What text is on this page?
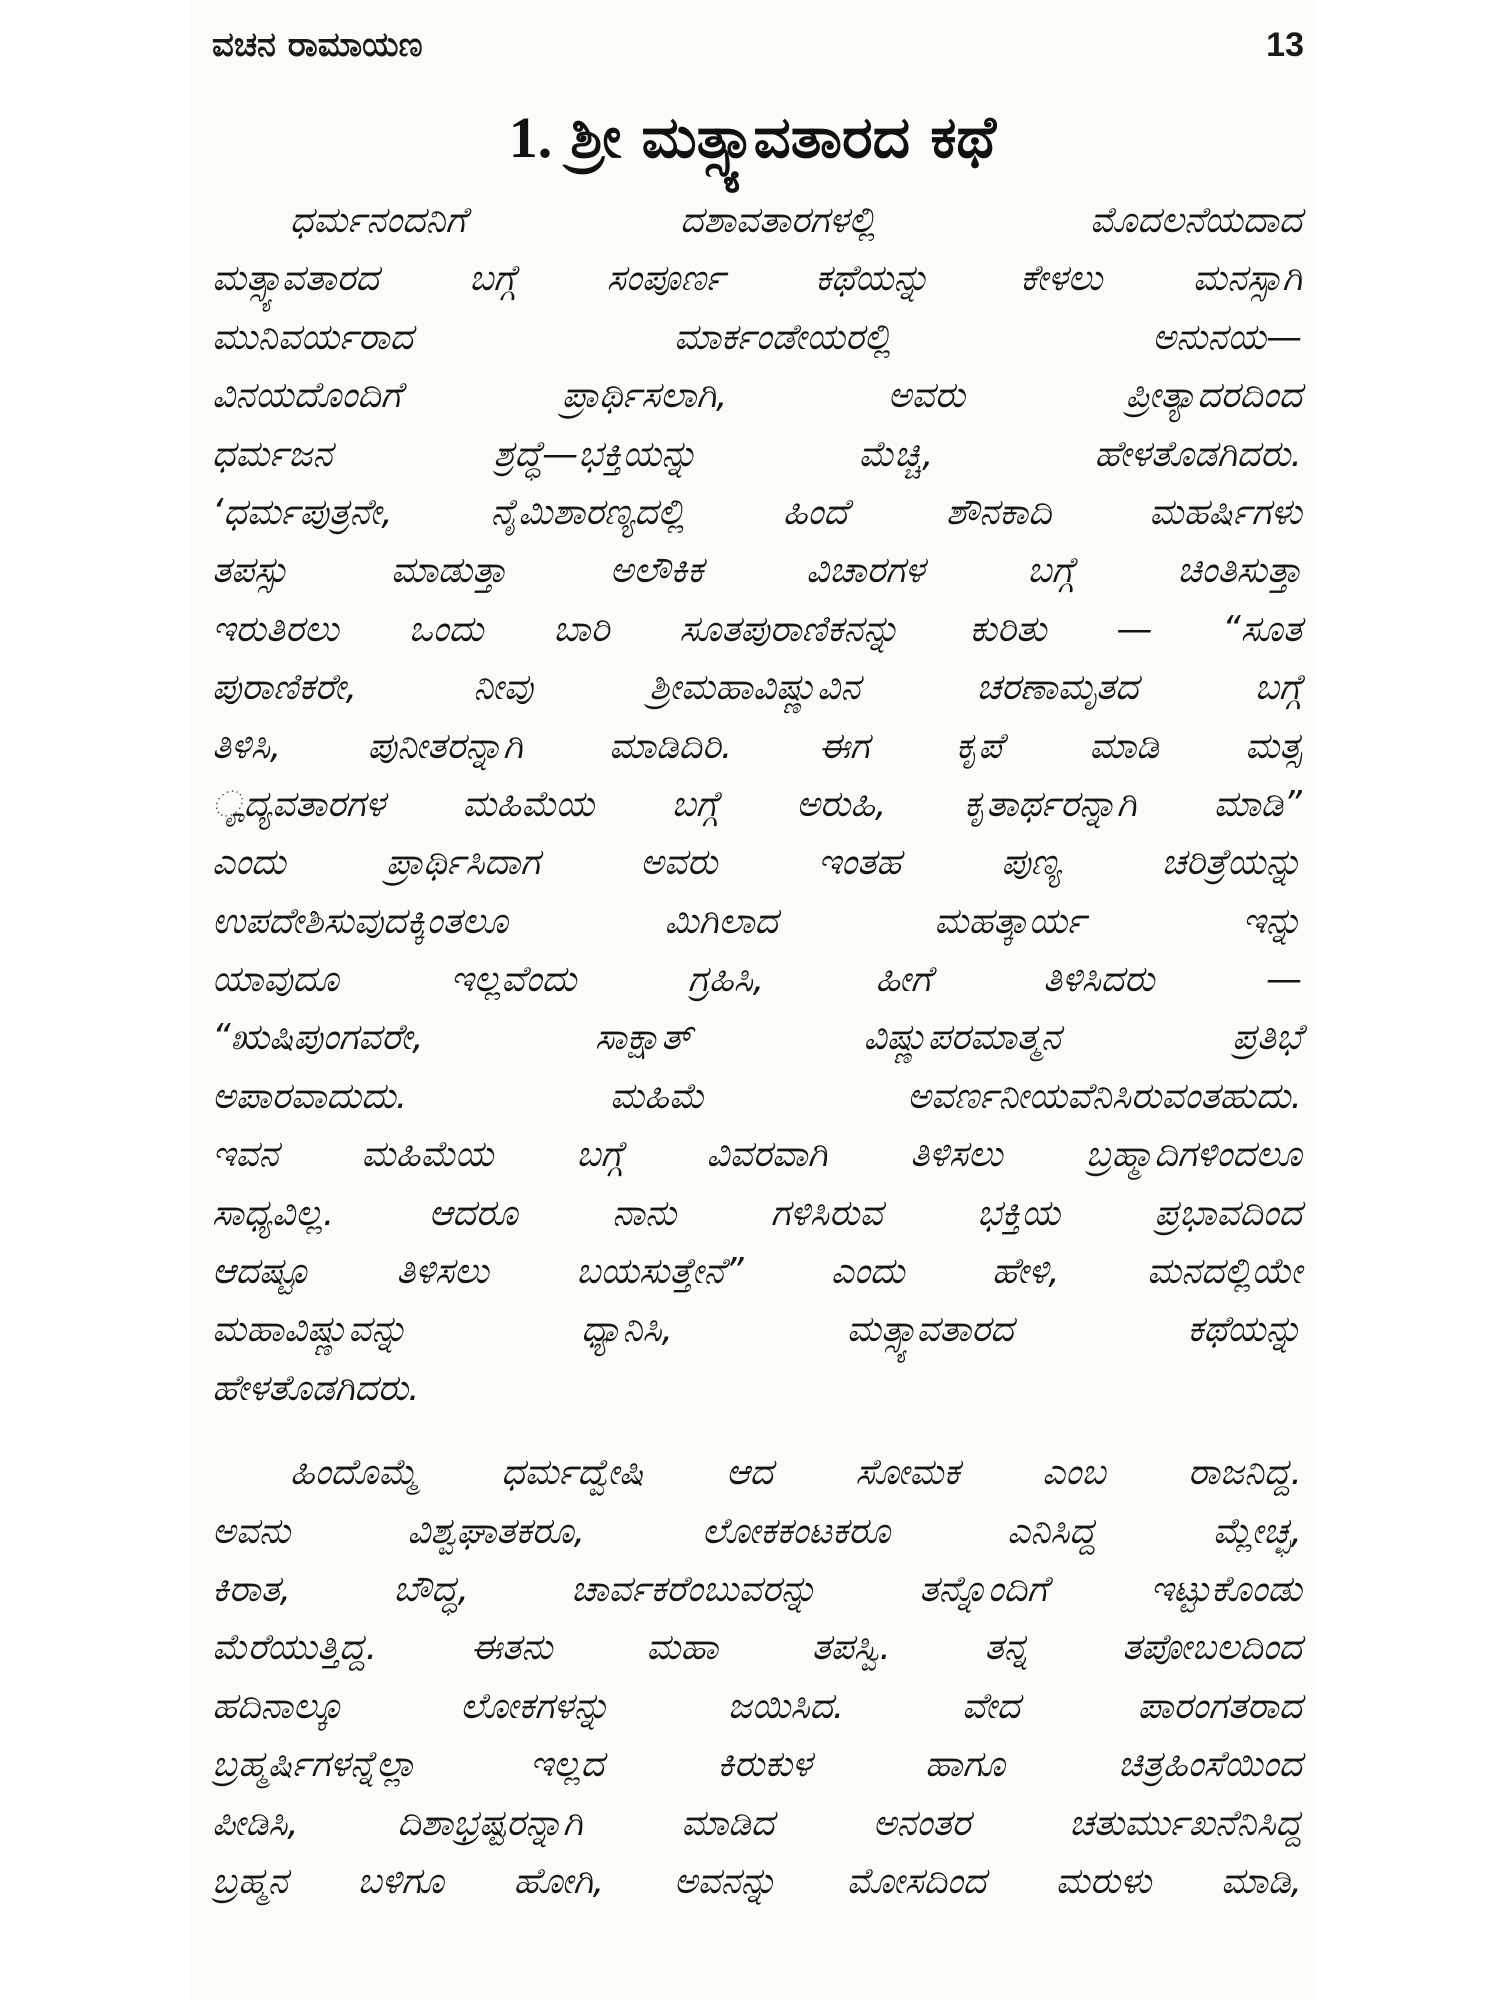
ವಚನ ರಾಮಾಯಣ	13
1. ಶ್ರೀ ಮತ್ಸ್ಯಾವತಾರದ ಕಥೆ
ಧರ್ಮನಂದನಿಗೆ	ದಶಾವತಾರಗಳಲ್ಲಿ	ಮೊದಲನೆಯದಾದ
ಮತ್ಸ್ಯಾವತಾರದ	ಬಗ್ಗೆ	ಸಂಪೂರ್ಣ	ಕಥೆಯನ್ನು	ಕೇಳಲು	ಮನಸ್ಸಾಗಿ
ಮುನಿವರ್ಯರಾದ	ಮಾರ್ಕಂಡೇಯರಲ್ಲಿ	ಅನುನಯ—
ವಿನಯದೊಂದಿಗೆ	ಪ್ರಾರ್ಥಿಸಲಾಗಿ,	ಅವರು	ಪ್ರೀತ್ಯಾದರದಿಂದ
ಧರ್ಮಜನ	ಶ್ರದ್ಧೆ—ಭಕ್ತಿಯನ್ನು	ಮೆಚ್ಚಿ,	ಹೇಳತೊಡಗಿದರು.
‘ಧರ್ಮಪುತ್ರನೇ,	ನೈಮಿಶಾರಣ್ಯದಲ್ಲಿ	ಹಿಂದೆ	ಶೌನಕಾದಿ	ಮಹರ್ಷಿಗಳು
ತಪಸ್ಸು	ಮಾಡುತ್ತಾ	ಅಲೌಕಿಕ	ವಿಚಾರಗಳ	ಬಗ್ಗೆ	ಚಿಂತಿಸುತ್ತಾ
ಇರುತಿರಲು ಒಂದು ಬಾರಿ ಸೂತಪುರಾಣಿಕನನ್ನು ಕುರಿತು — “ಸೂತ
ಪುರಾಣಿಕರೇ,	ನೀವು	ಶ್ರೀಮಹಾವಿಷ್ಣುವಿನ	ಚರಣಾಮೃತದ	ಬಗ್ಗೆ
ತಿಳಿಸಿ, ಪುನೀತರನ್ನಾಗಿ ಮಾಡಿದಿರಿ. ಈಗ ಕೃಪೆ ಮಾಡಿ ಮತ್ಸ
ೄದ್ಯವತಾರಗಳ ಮಹಿಮೆಯ ಬಗ್ಗೆ ಅರುಹಿ, ಕೃತಾರ್ಥರನ್ನಾಗಿ ಮಾಡಿ”
ಎಂದು	ಪ್ರಾರ್ಥಿಸಿದಾಗ	ಅವರು	ಇಂತಹ	ಪುಣ್ಯ	ಚರಿತ್ರೆಯನ್ನು
ಉಪದೇಶಿಸುವುದಕ್ಕಿಂತಲೂ	ಮಿಗಿಲಾದ	ಮಹತ್ಕಾರ್ಯ	ಇನ್ನು
ಯಾವುದೂ	ಇಲ್ಲವೆಂದು	ಗ್ರಹಿಸಿ,	ಹೀಗೆ	ತಿಳಿಸಿದರು	—
“ಋಷಿಪುಂಗವರೇ,	ಸಾಕ್ಷಾತ್	ವಿಷ್ಣುಪರಮಾತ್ಮನ	ಪ್ರತಿಭೆ
ಅಪಾರವಾದುದು.	ಮಹಿಮೆ	ಅವರ್ಣನೀಯವೆನಿಸಿರುವಂತಹುದು.
ಇವನ ಮಹಿಮೆಯ ಬಗ್ಗೆ ವಿವರವಾಗಿ ತಿಳಿಸಲು ಬ್ರಹ್ಮಾದಿಗಳಿಂದಲೂ
ಸಾಧ್ಯವಿಲ್ಲ.	ಆದರೂ	ನಾನು	ಗಳಿಸಿರುವ	ಭಕ್ತಿಯ	ಪ್ರಭಾವದಿಂದ
ಆದಷ್ಟೂ ತಿಳಿಸಲು ಬಯಸುತ್ತೇನೆ” ಎಂದು ಹೇಳಿ, ಮನದಲ್ಲಿಯೇ
ಮಹಾವಿಷ್ಣುವನ್ನು	ಧ್ಯಾನಿಸಿ,	ಮತ್ಸ್ಯಾವತಾರದ	ಕಥೆಯನ್ನು
ಹೇಳತೊಡಗಿದರು.
ಹಿಂದೊಮ್ಮೆ ಧರ್ಮದ್ವೇಷಿ ಆದ ಸೋಮಕ ಎಂಬ ರಾಜನಿದ್ದ.
ಅವನು	ವಿಶ್ವಘಾತಕರೂ,	ಲೋಕಕಂಟಕರೂ	ಎನಿಸಿದ್ದ	ಮ್ಲೇಚ್ಛ,
ಕಿರಾತ,	ಬೌದ್ಧ,	ಚಾರ್ವಕರೆಂಬುವರನ್ನು	ತನ್ನೊಂದಿಗೆ	ಇಟ್ಟುಕೊಂಡು
ಮೆರೆಯುತ್ತಿದ್ದ.	ಈತನು	ಮಹಾ	ತಪಸ್ವಿ.	ತನ್ನ	ತಪೋಬಲದಿಂದ
ಹದಿನಾಲ್ಕೂ	ಲೋಕಗಳನ್ನು	ಜಯಿಸಿದ.	ವೇದ	ಪಾರಂಗತರಾದ
ಬ್ರಹ್ಮರ್ಷಿಗಳನ್ನೆಲ್ಲಾ	ಇಲ್ಲದ	ಕಿರುಕುಳ	ಹಾಗೂ	ಚಿತ್ರಹಿಂಸೆಯಿಂದ
ಪೀಡಿಸಿ,	ದಿಶಾಭ್ರಷ್ಟರನ್ನಾಗಿ	ಮಾಡಿದ	ಅನಂತರ	ಚತುರ್ಮುಖನೆನಿಸಿದ್ದ
ಬ್ರಹ್ಮನ ಬಳಿಗೂ ಹೋಗಿ, ಅವನನ್ನು ಮೋಸದಿಂದ ಮರುಳು ಮಾಡಿ,
